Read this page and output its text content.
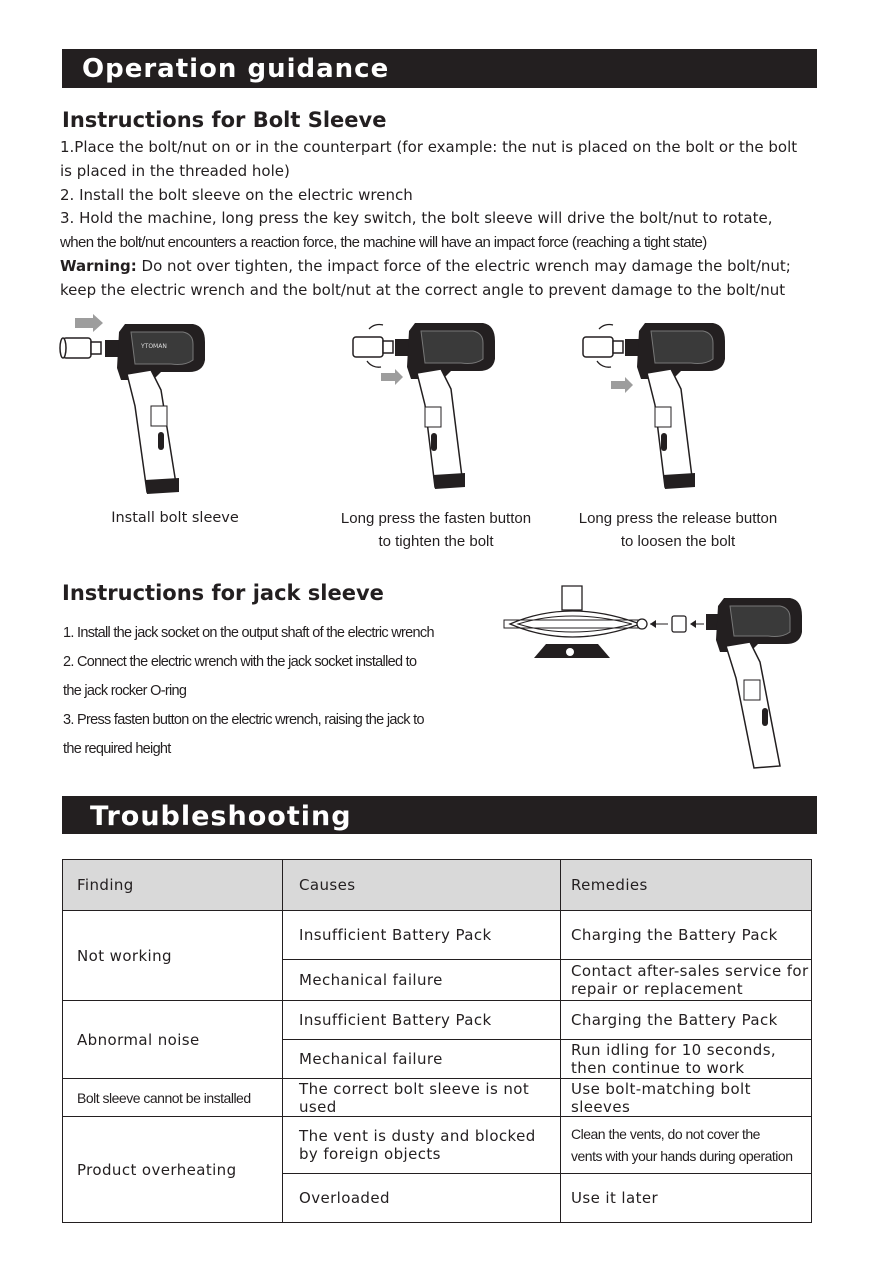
Operation guidance
Instructions for Bolt Sleeve
1.Place the bolt/nut on or in the counterpart (for example: the nut is placed on the bolt or the bolt
is placed in the threaded hole)
2. Install the bolt sleeve on the electric wrench
3. Hold the machine, long press the key switch, the bolt sleeve will drive the bolt/nut to rotate,
when the bolt/nut encounters a reaction force, the machine will have an impact force (reaching a tight state)
Warning: Do not over tighten, the impact force of the electric wrench may damage the bolt/nut;
keep the electric wrench and the bolt/nut at the correct angle to prevent damage to the bolt/nut
YTOMAN
Install bolt sleeve	Long press the fasten button
to tighten the bolt
Long press the release button
to loosen the bolt
Instructions for jack sleeve
1. Install the jack socket on the output shaft of the electric wrench
2. Connect the electric wrench with the jack socket installed to
the jack rocker O-ring
3. Press fasten button on the electric wrench, raising the jack to
the required height
Troubleshooting
Finding	Causes	Remedies
Not working	Insufficient Battery Pack	Charging the Battery Pack
	Mechanical failure	Contact after-sales service for
repair or replacement
Abnormal noise	Insufficient Battery Pack	Charging the Battery Pack
	Mechanical failure	Run idling for 10 seconds,
then continue to work
Bolt sleeve cannot be installed	The correct bolt sleeve is not used	Use bolt-matching bolt sleeves
Product overheating	The vent is dusty and blocked
by foreign objects	Clean the vents, do not cover the
vents with your hands during operation
	Overloaded	Use it later
